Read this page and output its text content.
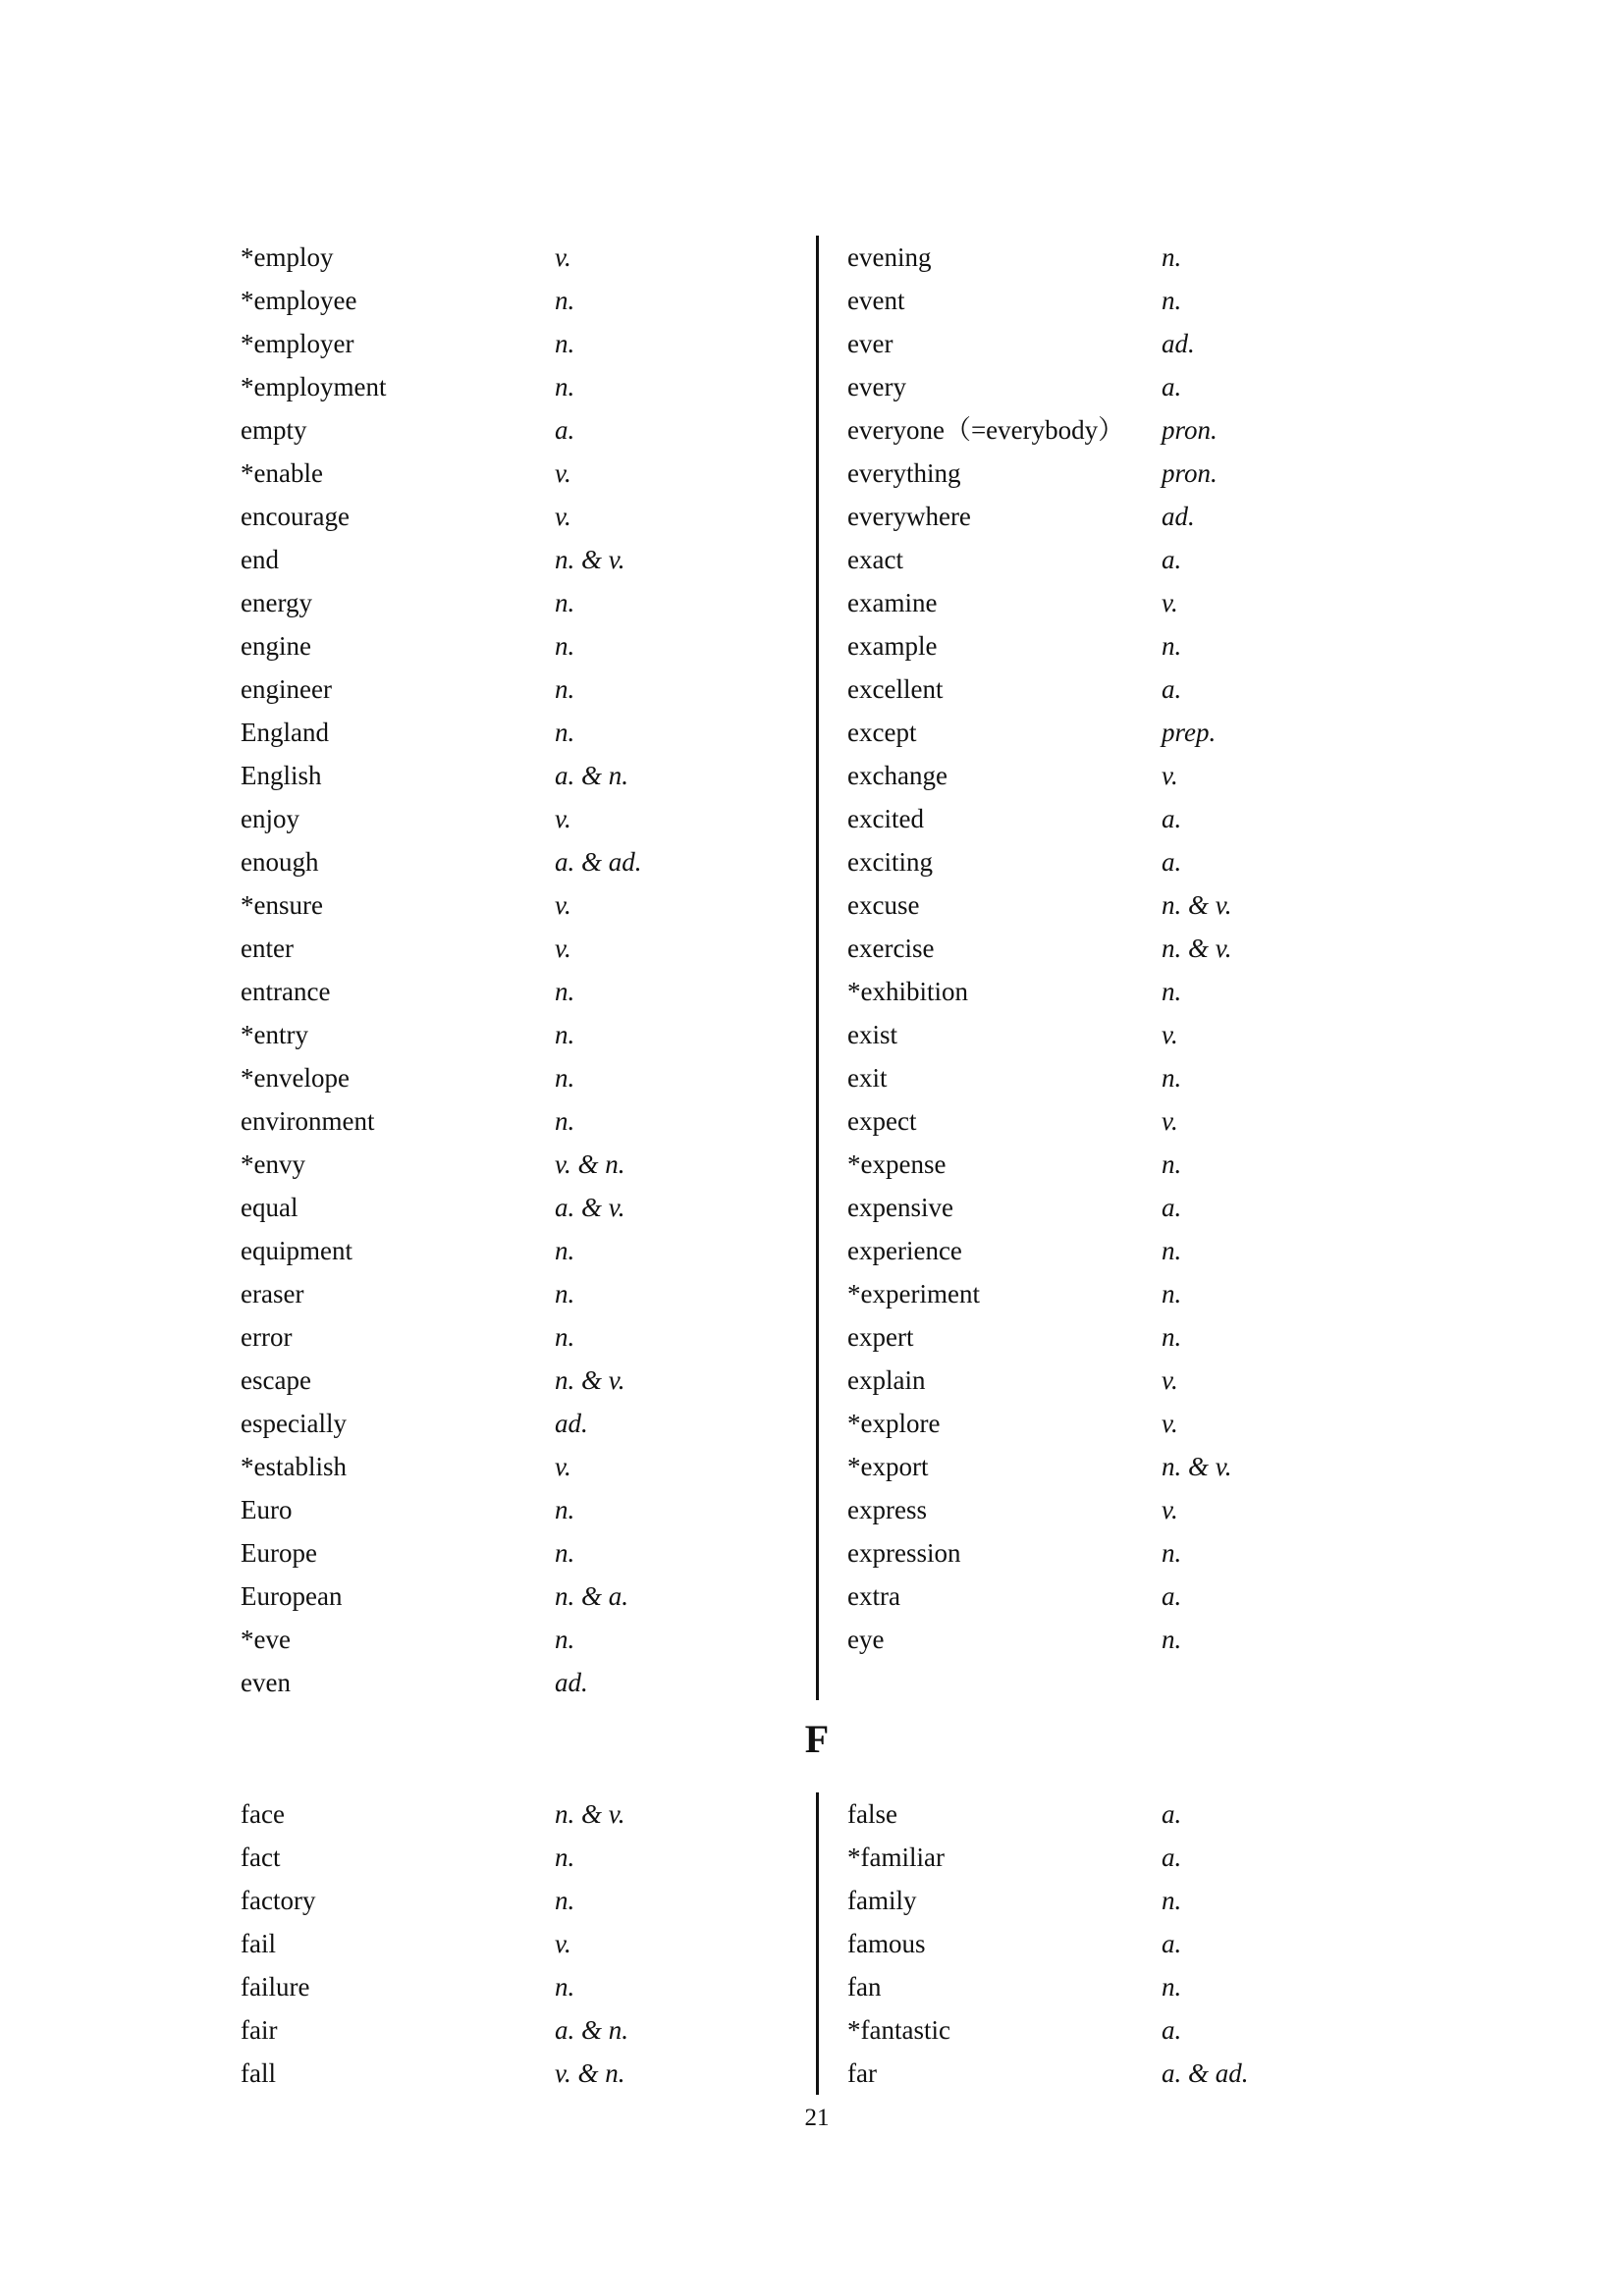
*employ	v.
*employee	n.
*employer	n.
*employment	n.
empty	a.
*enable	v.
encourage	v.
end	n. & v.
energy	n.
engine	n.
engineer	n.
England	n.
English	a. & n.
enjoy	v.
enough	a. & ad.
*ensure	v.
enter	v.
entrance	n.
*entry	n.
*envelope	n.
environment	n.
*envy	v. & n.
equal	a. & v.
equipment	n.
eraser	n.
error	n.
escape	n. & v.
especially	ad.
*establish	v.
Euro	n.
Europe	n.
European	n. & a.
*eve	n.
even	ad.
evening	n.
event	n.
ever	ad.
every	a.
everyone（=everybody） pron.
everything	pron.
everywhere	ad.
exact	a.
examine	v.
example	n.
excellent	a.
except	prep.
exchange	v.
excited	a.
exciting	a.
excuse	n. & v.
exercise	n. & v.
*exhibition	n.
exist	v.
exit	n.
expect	v.
*expense	n.
expensive	a.
experience	n.
*experiment	n.
expert	n.
explain	v.
*explore	v.
*export	n. & v.
express	v.
expression	n.
extra	a.
eye	n.
F
face	n. & v.
fact	n.
factory	n.
fail	v.
failure	n.
fair	a. & n.
fall	v. & n.
false	a.
*familiar	a.
family	n.
famous	a.
fan	n.
*fantastic	a.
far	a. & ad.
21
